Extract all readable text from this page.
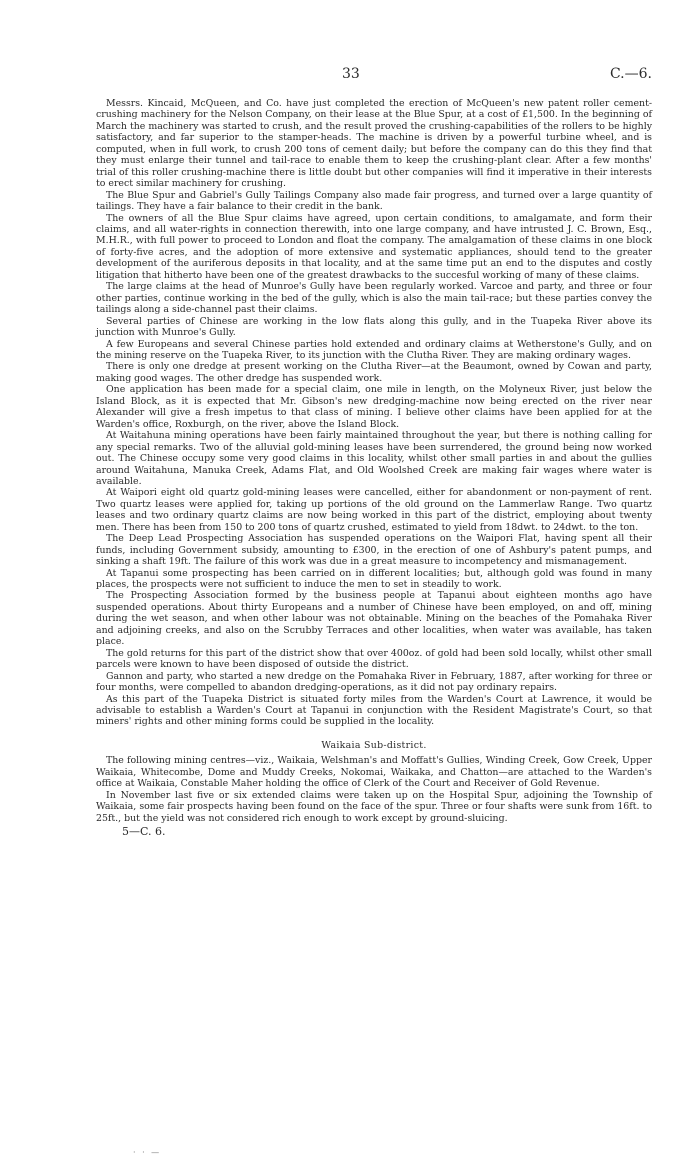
33	C.—6.

Messrs. Kincaid, McQueen, and Co. have just completed the erection of McQueen's new patent roller cement-crushing machinery for the Nelson Company, on their lease at the Blue Spur, at a cost of £1,500. In the beginning of March the machinery was started to crush, and the result proved the crushing-capabilities of the rollers to be highly satisfactory, and far superior to the stamper-heads. The machine is driven by a powerful turbine wheel, and is computed, when in full work, to crush 200 tons of cement daily; but before the company can do this they find that they must enlarge their tunnel and tail-race to enable them to keep the crushing-plant clear. After a few months' trial of this roller crushing-machine there is little doubt but other companies will find it imperative in their interests to erect similar machinery for crushing.

The Blue Spur and Gabriel's Gully Tailings Company also made fair progress, and turned over a large quantity of tailings. They have a fair balance to their credit in the bank.

The owners of all the Blue Spur claims have agreed, upon certain conditions, to amalgamate, and form their claims, and all water-rights in connection therewith, into one large company, and have intrusted J. C. Brown, Esq., M.H.R., with full power to proceed to London and float the company. The amalgamation of these claims in one block of forty-five acres, and the adoption of more extensive and systematic appliances, should tend to the greater development of the auriferous deposits in that locality, and at the same time put an end to the disputes and costly litigation that hitherto have been one of the greatest drawbacks to the succesful working of many of these claims.

The large claims at the head of Munroe's Gully have been regularly worked. Varcoe and party, and three or four other parties, continue working in the bed of the gully, which is also the main tail-race; but these parties convey the tailings along a side-channel past their claims.

Several parties of Chinese are working in the low flats along this gully, and in the Tuapeka River above its junction with Munroe's Gully.

A few Europeans and several Chinese parties hold extended and ordinary claims at Wetherstone's Gully, and on the mining reserve on the Tuapeka River, to its junction with the Clutha River. They are making ordinary wages.

There is only one dredge at present working on the Clutha River—at the Beaumont, owned by Cowan and party, making good wages. The other dredge has suspended work.

One application has been made for a special claim, one mile in length, on the Molyneux River, just below the Island Block, as it is expected that Mr. Gibson's new dredging-machine now being erected on the river near Alexander will give a fresh impetus to that class of mining. I believe other claims have been applied for at the Warden's office, Roxburgh, on the river, above the Island Block.

At Waitahuna mining operations have been fairly maintained throughout the year, but there is nothing calling for any special remarks. Two of the alluvial gold-mining leases have been surrendered, the ground being now worked out. The Chinese occupy some very good claims in this locality, whilst other small parties in and about the gullies around Waitahuna, Manuka Creek, Adams Flat, and Old Woolshed Creek are making fair wages where water is available.

At Waipori eight old quartz gold-mining leases were cancelled, either for abandonment or non-payment of rent. Two quartz leases were applied for, taking up portions of the old ground on the Lammerlaw Range. Two quartz leases and two ordinary quartz claims are now being worked in this part of the district, employing about twenty men. There has been from 150 to 200 tons of quartz crushed, estimated to yield from 18dwt. to 24dwt. to the ton.

The Deep Lead Prospecting Association has suspended operations on the Waipori Flat, having spent all their funds, including Government subsidy, amounting to £300, in the erection of one of Ashbury's patent pumps, and sinking a shaft 19ft. The failure of this work was due in a great measure to incompetency and mismanagement.

At Tapanui some prospecting has been carried on in different localities; but, although gold was found in many places, the prospects were not sufficient to induce the men to set in steadily to work.

The Prospecting Association formed by the business people at Tapanui about eighteen months ago have suspended operations. About thirty Europeans and a number of Chinese have been employed, on and off, mining during the wet season, and when other labour was not obtainable. Mining on the beaches of the Pomahaka River and adjoining creeks, and also on the Scrubby Terraces and other localities, when water was available, has taken place.

The gold returns for this part of the district show that over 400oz. of gold had been sold locally, whilst other small parcels were known to have been disposed of outside the district.

Gannon and party, who started a new dredge on the Pomahaka River in February, 1887, after working for three or four months, were compelled to abandon dredging-operations, as it did not pay ordinary repairs.

As this part of the Tuapeka District is situated forty miles from the Warden's Court at Lawrence, it would be advisable to establish a Warden's Court at Tapanui in conjunction with the Resident Magistrate's Court, so that miners' rights and other mining forms could be supplied in the locality.

Waikaia Sub-district.

The following mining centres—viz., Waikaia, Welshman's and Moffatt's Gullies, Winding Creek, Gow Creek, Upper Waikaia, Whitecombe, Dome and Muddy Creeks, Nokomai, Waikaka, and Chatton—are attached to the Warden's office at Waikaia, Constable Maher holding the office of Clerk of the Court and Receiver of Gold Revenue.

In November last five or six extended claims were taken up on the Hospital Spur, adjoining the Township of Waikaia, some fair prospects having been found on the face of the spur. Three or four shafts were sunk from 16ft. to 25ft., but the yield was not considered rich enough to work except by ground-sluicing.

5—C. 6.

· · —
